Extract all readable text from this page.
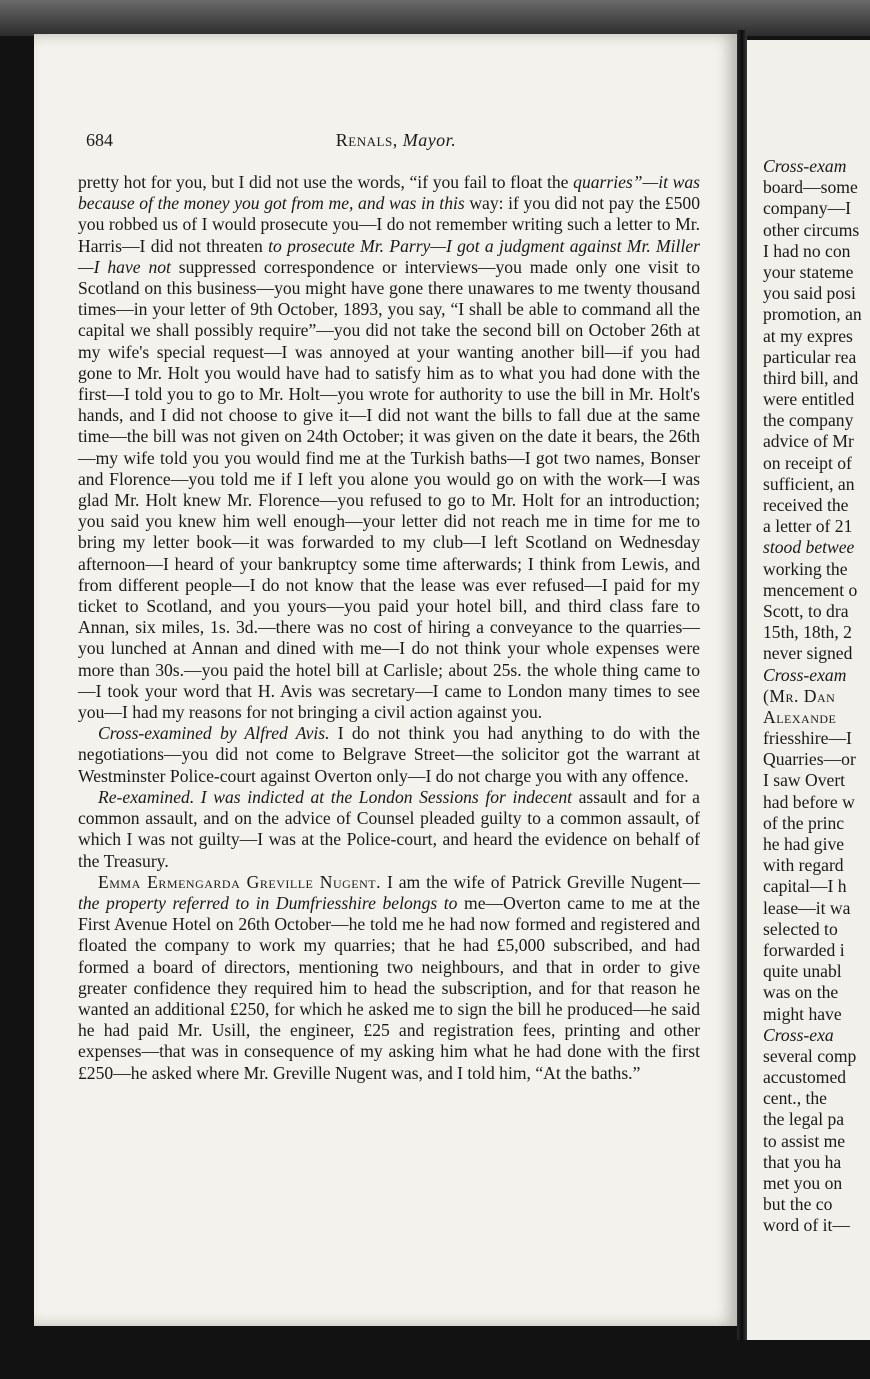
Cross-exam
board—some
company—I
other circums
I had no con
your stateme
you said posi
promotion, an
at my expres
particular rea
third bill, and
were entitled
the company
advice of Mr
on receipt of
sufficient, an
received the
a letter of 21
stood betwee
working the
mencement o
Scott, to dra
15th, 18th, 2
never signed
Cross-exam
(Mr. Dan
Alexande
friesshire—I
Quarries—or
I saw Overt
had before w
of the princ
he had give
with regard
capital—I h
lease—it wa
selected to
forwarded i
quite unabl
was on the
might have
Cross-exa
several comp
accustomed
cent., the
the legal pa
to assist me
that you ha
met you on
but the co
word of it—
684	Renals, Mayor.

pretty hot for you, but I did not use the words, “if you fail to float the quarries”—it was because of the money you got from me, and was in this way: if you did not pay the £500 you robbed us of I would prosecute you—I do not remember writing such a letter to Mr. Harris—I did not threaten to prosecute Mr. Parry—I got a judgment against Mr. Miller—I have not suppressed correspondence or interviews—you made only one visit to Scotland on this business—you might have gone there unawares to me twenty thousand times—in your letter of 9th October, 1893, you say, “I shall be able to command all the capital we shall possibly require”—you did not take the second bill on October 26th at my wife's special request—I was annoyed at your wanting another bill—if you had gone to Mr. Holt you would have had to satisfy him as to what you had done with the first—I told you to go to Mr. Holt—you wrote for authority to use the bill in Mr. Holt's hands, and I did not choose to give it—I did not want the bills to fall due at the same time—the bill was not given on 24th October; it was given on the date it bears, the 26th—my wife told you you would find me at the Turkish baths—I got two names, Bonser and Florence—you told me if I left you alone you would go on with the work—I was glad Mr. Holt knew Mr. Florence—you refused to go to Mr. Holt for an introduction; you said you knew him well enough—your letter did not reach me in time for me to bring my letter book—it was forwarded to my club—I left Scotland on Wednesday afternoon—I heard of your bankruptcy some time afterwards; I think from Lewis, and from different people—I do not know that the lease was ever refused—I paid for my ticket to Scotland, and you yours—you paid your hotel bill, and third class fare to Annan, six miles, 1s. 3d.—there was no cost of hiring a conveyance to the quarries—you lunched at Annan and dined with me—I do not think your whole expenses were more than 30s.—you paid the hotel bill at Carlisle; about 25s. the whole thing came to—I took your word that H. Avis was secretary—I came to London many times to see you—I had my reasons for not bringing a civil action against you.

Cross-examined by Alfred Avis. I do not think you had anything to do with the negotiations—you did not come to Belgrave Street—the solicitor got the warrant at Westminster Police-court against Overton only—I do not charge you with any offence.

Re-examined. I was indicted at the London Sessions for indecent assault and for a common assault, and on the advice of Counsel pleaded guilty to a common assault, of which I was not guilty—I was at the Police-court, and heard the evidence on behalf of the Treasury.

Emma Ermengarda Greville Nugent. I am the wife of Patrick Greville Nugent—the property referred to in Dumfriesshire belongs to me—Overton came to me at the First Avenue Hotel on 26th October—he told me he had now formed and registered and floated the company to work my quarries; that he had £5,000 subscribed, and had formed a board of directors, mentioning two neighbours, and that in order to give greater confidence they required him to head the subscription, and for that reason he wanted an additional £250, for which he asked me to sign the bill he produced—he said he had paid Mr. Usill, the engineer, £25 and registration fees, printing and other expenses—that was in consequence of my asking him what he had done with the first £250—he asked where Mr. Greville Nugent was, and I told him, “At the baths.”
